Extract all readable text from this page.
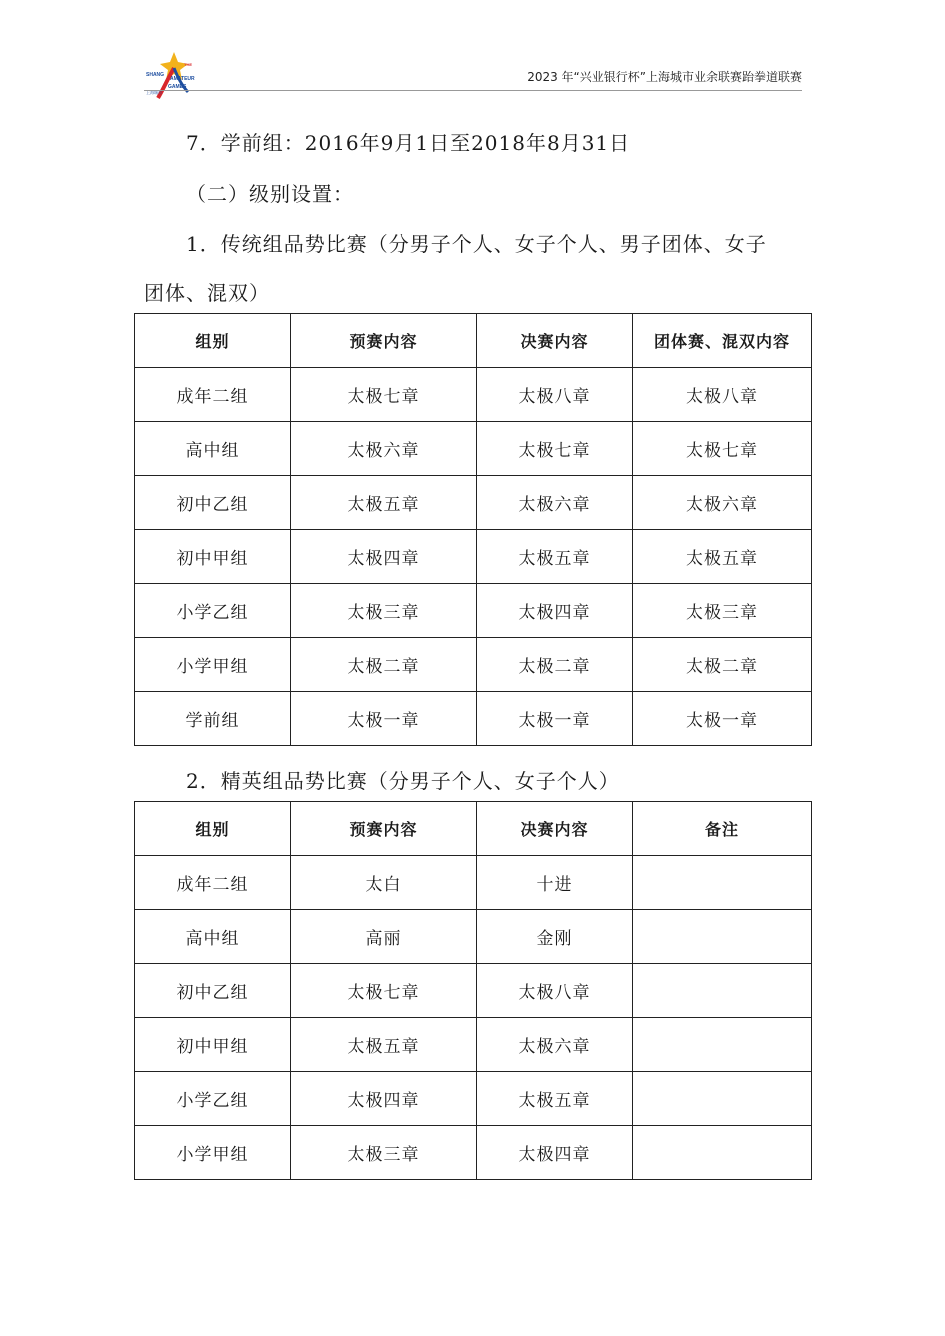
SHANG
THE
AMATEUR
GAMES
上海城市
2023 年“兴业银行杯”上海城市业余联赛跆拳道联赛
7．学前组：2016年9月1日至2018年8月31日
（二）级别设置：
1．传统组品势比赛（分男子个人、女子个人、男子团体、女子
团体、混双）
组别	预赛内容	决赛内容	团体赛、混双内容
成年二组	太极七章	太极八章	太极八章
高中组	太极六章	太极七章	太极七章
初中乙组	太极五章	太极六章	太极六章
初中甲组	太极四章	太极五章	太极五章
小学乙组	太极三章	太极四章	太极三章
小学甲组	太极二章	太极二章	太极二章
学前组	太极一章	太极一章	太极一章
2．精英组品势比赛（分男子个人、女子个人）
组别	预赛内容	决赛内容	备注
成年二组	太白	十进	
高中组	高丽	金刚	
初中乙组	太极七章	太极八章	
初中甲组	太极五章	太极六章	
小学乙组	太极四章	太极五章	
小学甲组	太极三章	太极四章	
